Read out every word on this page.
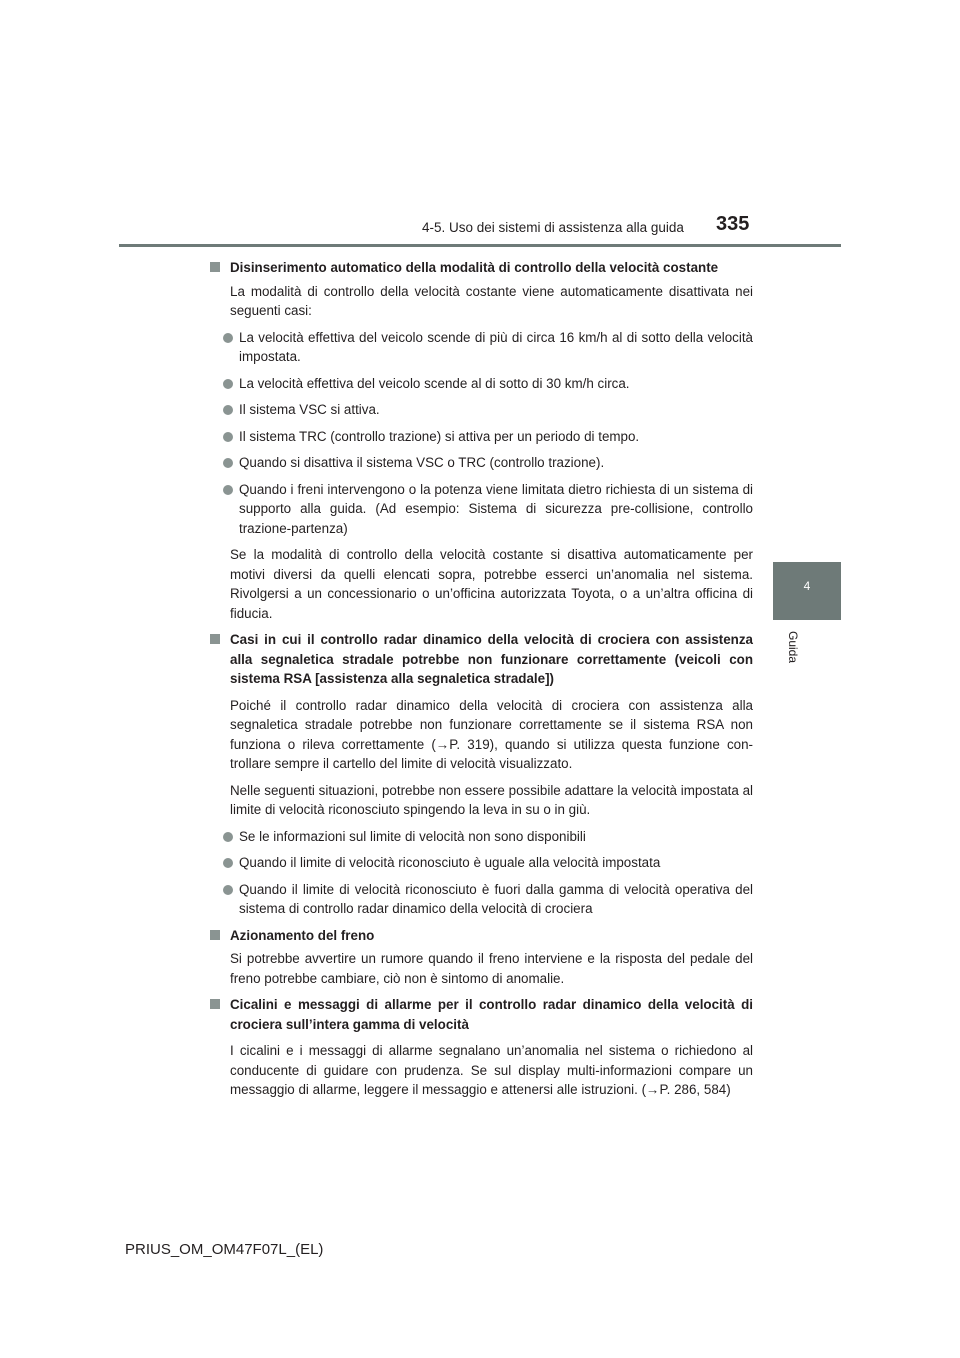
4-5. Uso dei sistemi di assistenza alla guida 335
4
Guida
Disinserimento automatico della modalità di controllo della velocità costante
La modalità di controllo della velocità costante viene automaticamente disattivata nei seguenti casi:
La velocità effettiva del veicolo scende di più di circa 16 km/h al di sotto della velocità impostata.
La velocità effettiva del veicolo scende al di sotto di 30 km/h circa.
Il sistema VSC si attiva.
Il sistema TRC (controllo trazione) si attiva per un periodo di tempo.
Quando si disattiva il sistema VSC o TRC (controllo trazione).
Quando i freni intervengono o la potenza viene limitata dietro richiesta di un sistema di supporto alla guida. (Ad esempio: Sistema di sicurezza pre-collisione, controllo trazione-partenza)
Se la modalità di controllo della velocità costante si disattiva automaticamente per motivi diversi da quelli elencati sopra, potrebbe esserci un’anomalia nel sistema. Rivolgersi a un concessionario o un’officina autorizzata Toyota, o a un’altra officina di fiducia.
Casi in cui il controllo radar dinamico della velocità di crociera con assistenza alla segnaletica stradale potrebbe non funzionare correttamente (veicoli con sistema RSA [assistenza alla segnaletica stradale])
Poiché il controllo radar dinamico della velocità di crociera con assistenza alla segnaletica stradale potrebbe non funzionare correttamente se il sistema RSA non funziona o rileva correttamente (→P. 319), quando si utilizza questa funzione con- trollare sempre il cartello del limite di velocità visualizzato.
Nelle seguenti situazioni, potrebbe non essere possibile adattare la velocità impostata al limite di velocità riconosciuto spingendo la leva in su o in giù.
Se le informazioni sul limite di velocità non sono disponibili
Quando il limite di velocità riconosciuto è uguale alla velocità impostata
Quando il limite di velocità riconosciuto è fuori dalla gamma di velocità operativa del sistema di controllo radar dinamico della velocità di crociera
Azionamento del freno
Si potrebbe avvertire un rumore quando il freno interviene e la risposta del pedale del freno potrebbe cambiare, ciò non è sintomo di anomalie.
Cicalini e messaggi di allarme per il controllo radar dinamico della velocità di crociera sull’intera gamma di velocità
I cicalini e i messaggi di allarme segnalano un’anomalia nel sistema o richiedono al conducente di guidare con prudenza. Se sul display multi-informazioni compare un messaggio di allarme, leggere il messaggio e attenersi alle istruzioni. (→P. 286, 584)
PRIUS_OM_OM47F07L_(EL)
